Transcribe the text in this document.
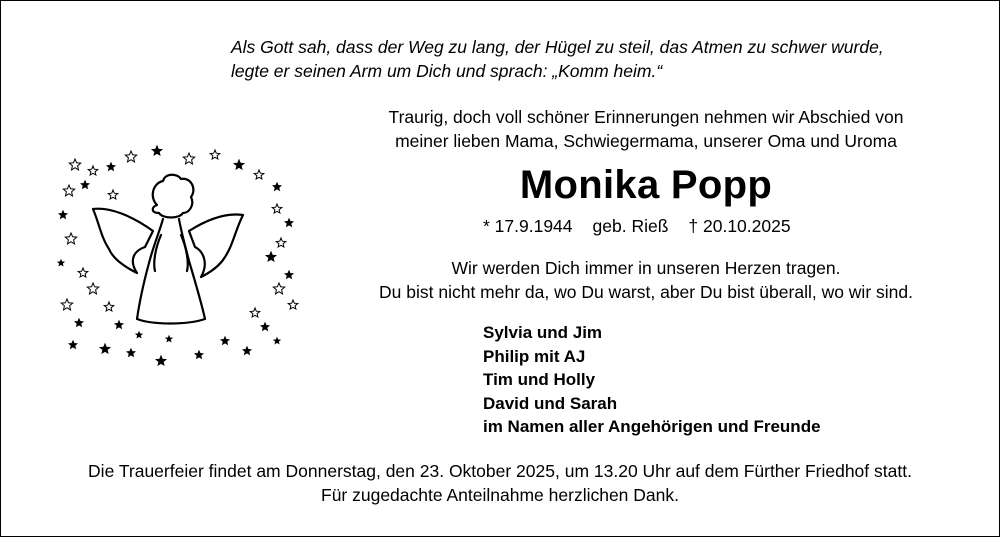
Als Gott sah, dass der Weg zu lang, der Hügel zu steil, das Atmen zu schwer wurde,
legte er seinen Arm um Dich und sprach: „Komm heim.“
Traurig, doch voll schöner Erinnerungen nehmen wir Abschied von
meiner lieben Mama, Schwiegermama, unserer Oma und Uroma
Monika Popp
* 17.9.1944 geb. Rieß † 20.10.2025
Wir werden Dich immer in unseren Herzen tragen.
Du bist nicht mehr da, wo Du warst, aber Du bist überall, wo wir sind.
Sylvia und Jim
Philip mit AJ
Tim und Holly
David und Sarah
im Namen aller Angehörigen und Freunde
Die Trauerfeier findet am Donnerstag, den 23. Oktober 2025, um 13.20 Uhr auf dem Fürther Friedhof statt.
Für zugedachte Anteilnahme herzlichen Dank.
